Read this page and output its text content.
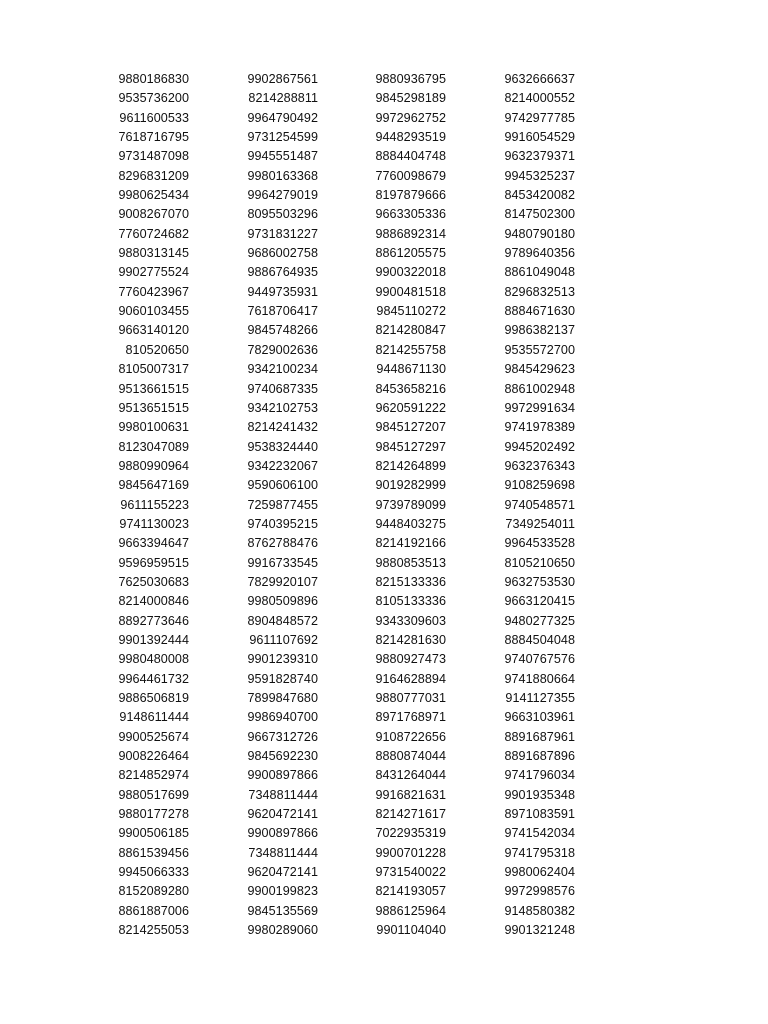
9880186830
9535736200
9611600533
7618716795
9731487098
8296831209
9980625434
9008267070
7760724682
9880313145
9902775524
7760423967
9060103455
9663140120
810520650
8105007317
9513661515
9513651515
9980100631
8123047089
9880990964
9845647169
9611155223
9741130023
9663394647
9596959515
7625030683
8214000846
8892773646
9901392444
9980480008
9964461732
9886506819
9148611444
9900525674
9008226464
8214852974
9880517699
9880177278
9900506185
8861539456
9945066333
8152089280
8861887006
8214255053
9902867561
8214288811
9964790492
9731254599
9945551487
9980163368
9964279019
8095503296
9731831227
9686002758
9886764935
9449735931
7618706417
9845748266
7829002636
9342100234
9740687335
9342102753
8214241432
9538324440
9342232067
9590606100
7259877455
9740395215
8762788476
9916733545
7829920107
9980509896
8904848572
9611107692
9901239310
9591828740
7899847680
9986940700
9667312726
9845692230
9900897866
7348811444
9620472141
9900897866
7348811444
9620472141
9900199823
9845135569
9980289060
9880936795
9845298189
9972962752
9448293519
8884404748
7760098679
8197879666
9663305336
9886892314
8861205575
9900322018
9900481518
9845110272
8214280847
8214255758
9448671130
8453658216
9620591222
9845127207
9845127297
8214264899
9019282999
9739789099
9448403275
8214192166
9880853513
8215133336
8105133336
9343309603
8214281630
9880927473
9164628894
9880777031
8971768971
9108722656
8880874044
8431264044
9916821631
8214271617
7022935319
9900701228
9731540022
8214193057
9886125964
9901104040
9632666637
8214000552
9742977785
9916054529
9632379371
9945325237
8453420082
8147502300
9480790180
9789640356
8861049048
8296832513
8884671630
9986382137
9535572700
9845429623
8861002948
9972991634
9741978389
9945202492
9632376343
9108259698
9740548571
7349254011
9964533528
8105210650
9632753530
9663120415
9480277325
8884504048
9740767576
9741880664
9141127355
9663103961
8891687961
8891687896
9741796034
9901935348
8971083591
9741542034
9741795318
9980062404
9972998576
9148580382
9901321248
